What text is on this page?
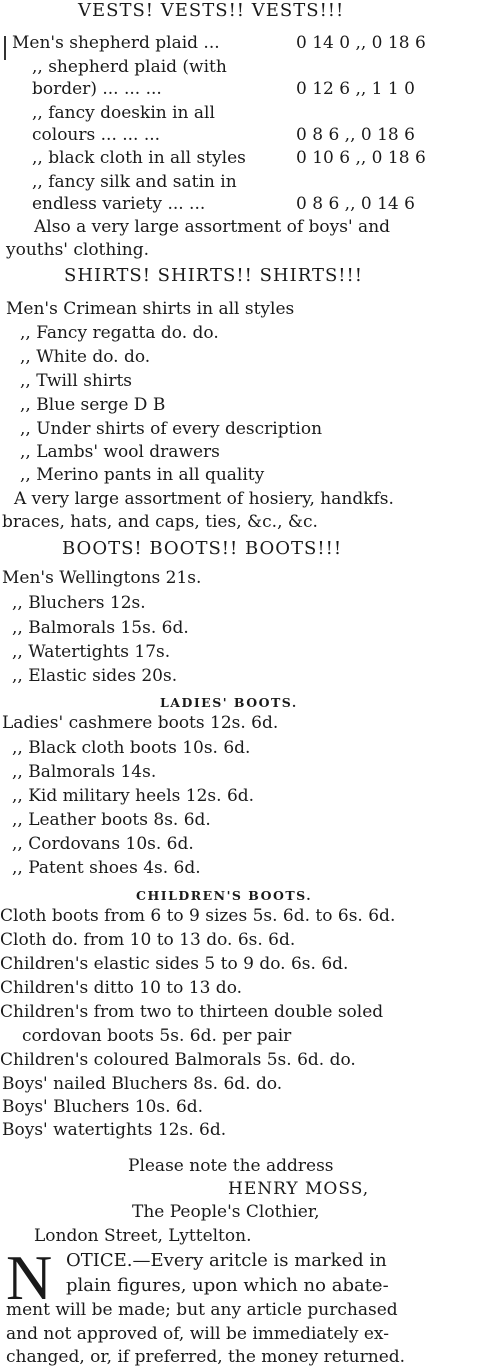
VESTS! VESTS!! VESTS!!!
Men's shepherd plaid ...	0 14 0 ,, 0 18 6
,, shepherd plaid (with
border) ... ... ...	0 12 6 ,, 1 1 0
,, fancy doeskin in all
colours ... ... ...	0 8 6 ,, 0 18 6
,, black cloth in all styles	0 10 6 ,, 0 18 6
,, fancy silk and satin in
endless variety ... ...	0 8 6 ,, 0 14 6
Also a very large assortment of boys' and
youths' clothing.
SHIRTS! SHIRTS!! SHIRTS!!!
Men's Crimean shirts in all styles
,, Fancy regatta do. do.
,, White do. do.
,, Twill shirts
,, Blue serge D B
,, Under shirts of every description
,, Lambs' wool drawers
,, Merino pants in all quality
A very large assortment of hosiery, handkfs.
braces, hats, and caps, ties, &c., &c.
BOOTS! BOOTS!! BOOTS!!!
Men's Wellingtons 21s.
,, Bluchers 12s.
,, Balmorals 15s. 6d.
,, Watertights 17s.
,, Elastic sides 20s.
LADIES' BOOTS.
Ladies' cashmere boots 12s. 6d.
,, Black cloth boots 10s. 6d.
,, Balmorals 14s.
,, Kid military heels 12s. 6d.
,, Leather boots 8s. 6d.
,, Cordovans 10s. 6d.
,, Patent shoes 4s. 6d.
CHILDREN'S BOOTS.
Cloth boots from 6 to 9 sizes 5s. 6d. to 6s. 6d.
Cloth do. from 10 to 13 do. 6s. 6d.
Children's elastic sides 5 to 9 do. 6s. 6d.
Children's ditto 10 to 13 do.
Children's from two to thirteen double soled
cordovan boots 5s. 6d. per pair
Children's coloured Balmorals 5s. 6d. do.
Boys' nailed Bluchers 8s. 6d. do.
Boys' Bluchers 10s. 6d.
Boys' watertights 12s. 6d.
Please note the address
HENRY MOSS,
The People's Clothier,
London Street, Lyttelton.
N OTICE.—Every aritcle is marked in
plain figures, upon which no abate-
ment will be made; but any article purchased
and not approved of, will be immediately ex-
changed, or, if preferred, the money returned.
